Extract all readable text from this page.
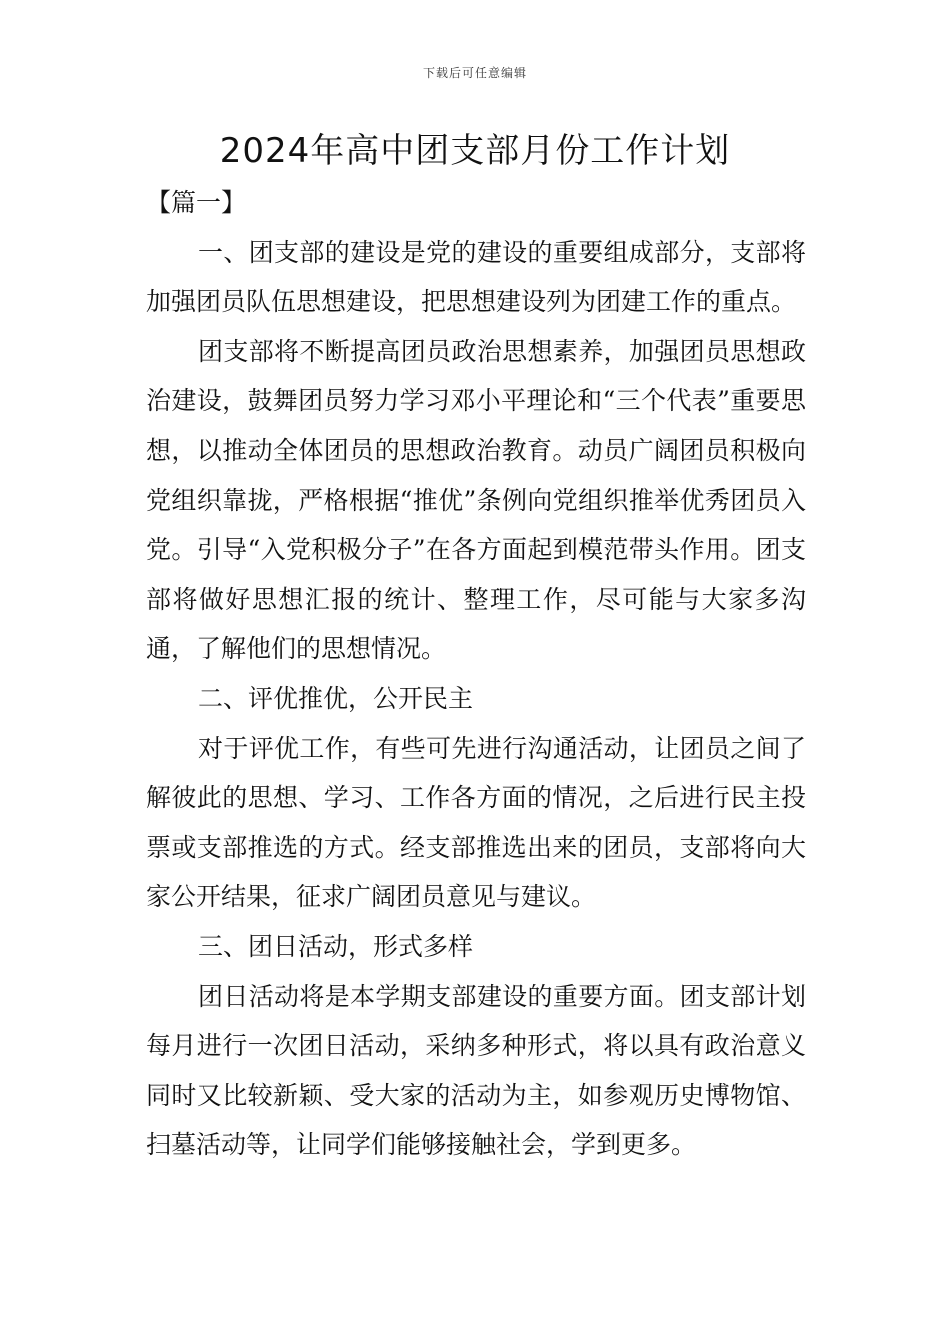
下载后可任意编辑
2024年高中团支部月份工作计划

【篇一】

一、团支部的建设是党的建设的重要组成部分，支部将加强团员队伍思想建设，把思想建设列为团建工作的重点。

团支部将不断提高团员政治思想素养，加强团员思想政治建设，鼓舞团员努力学习邓小平理论和“三个代表”重要思想，以推动全体团员的思想政治教育。动员广阔团员积极向党组织靠拢，严格根据“推优”条例向党组织推举优秀团员入党。引导“入党积极分子”在各方面起到模范带头作用。团支部将做好思想汇报的统计、整理工作，尽可能与大家多沟通，了解他们的思想情况。

二、评优推优，公开民主

对于评优工作，有些可先进行沟通活动，让团员之间了解彼此的思想、学习、工作各方面的情况，之后进行民主投票或支部推选的方式。经支部推选出来的团员，支部将向大家公开结果，征求广阔团员意见与建议。

三、团日活动，形式多样

团日活动将是本学期支部建设的重要方面。团支部计划每月进行一次团日活动，采纳多种形式，将以具有政治意义同时又比较新颖、受大家的活动为主，如参观历史博物馆、扫墓活动等，让同学们能够接触社会，学到更多。
